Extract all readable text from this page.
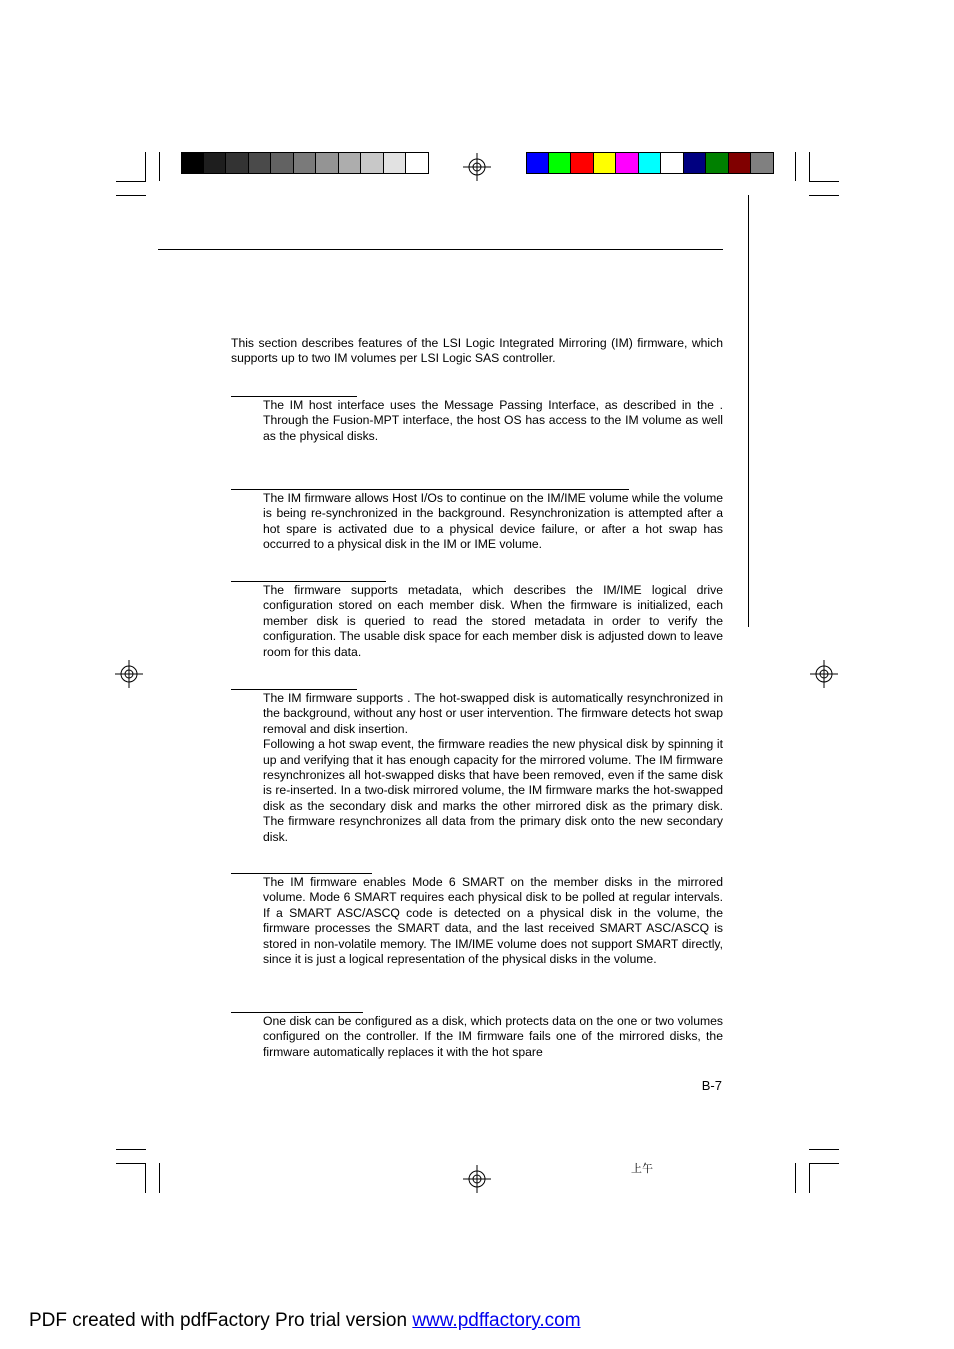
This section describes features of the LSI Logic Integrated Mirroring (IM) firmware, which supports up to two IM volumes per LSI Logic SAS controller.
The IM host interface uses the Message Passing Interface, as described in the . Through the Fusion-MPT interface, the host OS has access to the IM volume as well as the physical disks.
The IM firmware allows Host I/Os to continue on the IM/IME volume while the volume is being re-synchronized in the background. Resynchronization is attempted after a hot spare is activated due to a physical device failure, or after a hot swap has occurred to a physical disk in the IM or IME volume.
The firmware supports metadata, which describes the IM/IME logical drive configuration stored on each member disk. When the firmware is initialized, each member disk is queried to read the stored metadata in order to verify the configuration. The usable disk space for each member disk is adjusted down to leave room for this data.

The IM firmware supports . The hot-swapped disk is automatically resynchronized in the background, without any host or user intervention. The firmware detects hot swap removal and disk insertion.

Following a hot swap event, the firmware readies the new physical disk by spinning it up and verifying that it has enough capacity for the mirrored volume. The IM firmware resynchronizes all hot-swapped disks that have been removed, even if the same disk is re-inserted. In a two-disk mirrored volume, the IM firmware marks the hot-swapped disk as the secondary disk and marks the other mirrored disk as the primary disk. The firmware resynchronizes all data from the primary disk onto the new secondary disk.

The IM firmware enables Mode 6 SMART on the member disks in the mirrored volume. Mode 6 SMART requires each physical disk to be polled at regular intervals. If a SMART ASC/ASCQ code is detected on a physical disk in the volume, the firmware processes the SMART data, and the last received SMART ASC/ASCQ is stored in non-volatile memory. The IM/IME volume does not support SMART directly, since it is just a logical representation of the physical disks in the volume.
One disk can be configured as a disk, which protects data on the one or two volumes configured on the controller. If the IM firmware fails one of the mirrored disks, the firmware automatically replaces it with the hot spare
B-7
上午
PDF created with pdfFactory Pro trial version www.pdffactory.com
